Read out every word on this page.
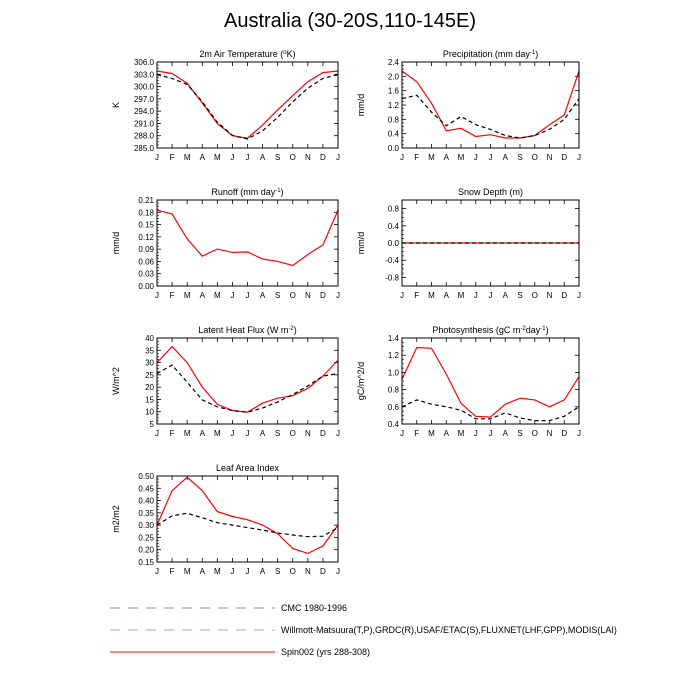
Australia (30-20S,110-145E)
2m Air Temperature ($^o$K)
285.0
288.0
291.0
294.0
297.0
300.0
303.0
306.0
J F M A M J J A S O N D J
K
Precipitation (mm day$^{-1}$)
0.0
0.4
0.8
1.2
1.6
2.0
2.4
J F M A M J J A S O N D J
mm/d
Runoff (mm day$^{-1}$)
0.00
0.03
0.06
0.09
0.12
0.15
0.18
0.21
J F M A M J J A S O N D J
mm/d
Snow Depth (m)
-0.8
-0.4
0.0
0.4
0.8
J F M A M J J A S O N D J
mm/d
Latent Heat Flux (W $m^{-2}$)
5
10
15
20
25
30
35
40
J F M A M J J A S O N D J
W/m^2
Photosynthesis (gC $m^{-2}day^{-1}$)
0.4
0.6
0.8
1.0
1.2
1.4
J F M A M J J A S O N D J
gC/m^2/d
Leaf Area Index
0.15
0.20
0.25
0.30
0.35
0.40
0.45
0.50
J F M A M J J A S O N D J
m2/m2
CMC 1980-1996
Willmott-Matsuura(T,P),GRDC(R),USAF/ETAC(S),FLUXNET(LHF,GPP),MODIS(LAI)
Spin002 (yrs 288-308)
